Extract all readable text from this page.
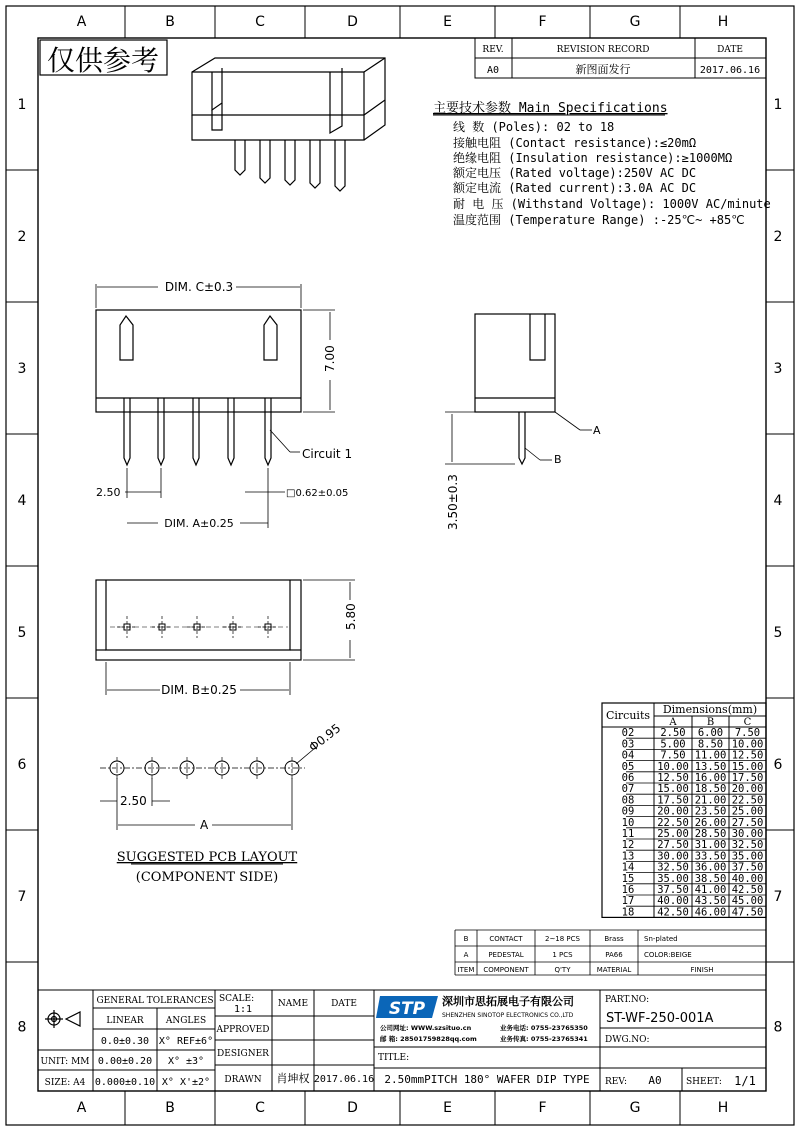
A
A
B
B
C
C
D
D
E
E
F
F
G
G
H
H
1	1
2	2
3	3
4	4
5	5
6	6
7	7
8	8
仅供参考	REV.	REVISION RECORD	DATE
A0	新图面发行	2017.06.16
主要技术参数 Main Specifications
线 数 (Poles): 02 to 18
接触电阻 (Contact resistance):≤20mΩ
绝缘电阻 (Insulation resistance):≥1000MΩ
额定电压 (Rated voltage):250V AC DC
额定电流 (Rated current):3.0A AC DC
耐 电 压 (Withstand Voltage): 1000V AC/minute
温度范围 (Temperature Range) :-25℃~ +85℃
DIM. C±0.3
7.00
Circuit 1
2.50	□0.62±0.05
DIM. A±0.25
A
B
3.50±0.3
5.80
DIM. B±0.25
2.50
A
Φ0.95
SUGGESTED PCB LAYOUT
(COMPONENT SIDE)
Circuits Dimensions(mm)
A	B	C
02 2.50 6.00 7.50
03 5.00 8.50 10.00
04 7.50 11.00 12.50
05 10.00 13.50 15.00
06 12.50 16.00 17.50
07 15.00 18.50 20.00
08 17.50 21.00 22.50
09 20.00 23.50 25.00
10 22.50 26.00 27.50
11 25.00 28.50 30.00
12 27.50 31.00 32.50
13 30.00 33.50 35.00
14 32.50 36.00 37.50
15 35.00 38.50 40.00
16 37.50 41.00 42.50
17 40.00 43.50 45.00
18 42.50 46.00 47.50
B	CONTACT	2~18 PCS	Brass	Sn-plated
A	PEDESTAL	1 PCS	PA66	COLOR:BEIGE
ITEM COMPONENT	Q'TY	MATERIAL	FINISH
GENERAL TOLERANCES
LINEAR ANGLES
0.0±0.30 X° REF±6°
0.00±0.20 X° ±3°
0.000±0.10 X° X'±2°
UNIT: MM
SIZE: A4
SCALE:
1:1	NAME	DATE
APPROVED
DESIGNER
DRAWN 肖坤权 2017.06.16
STP 深圳市思拓展电子有限公司
SHENZHEN SINOTOP ELECTRONICS CO.,LTD
公司网址: WWW.szsituo.cn	业务电话: 0755-23765350
邮 箱: 28501759828qq.com	业务传真: 0755-23765341
TITLE:
2.50mmPITCH 180° WAFER DIP TYPE
PART.NO:
ST-WF-250-001A
DWG.NO:
REV: A0	SHEET: 1/1
